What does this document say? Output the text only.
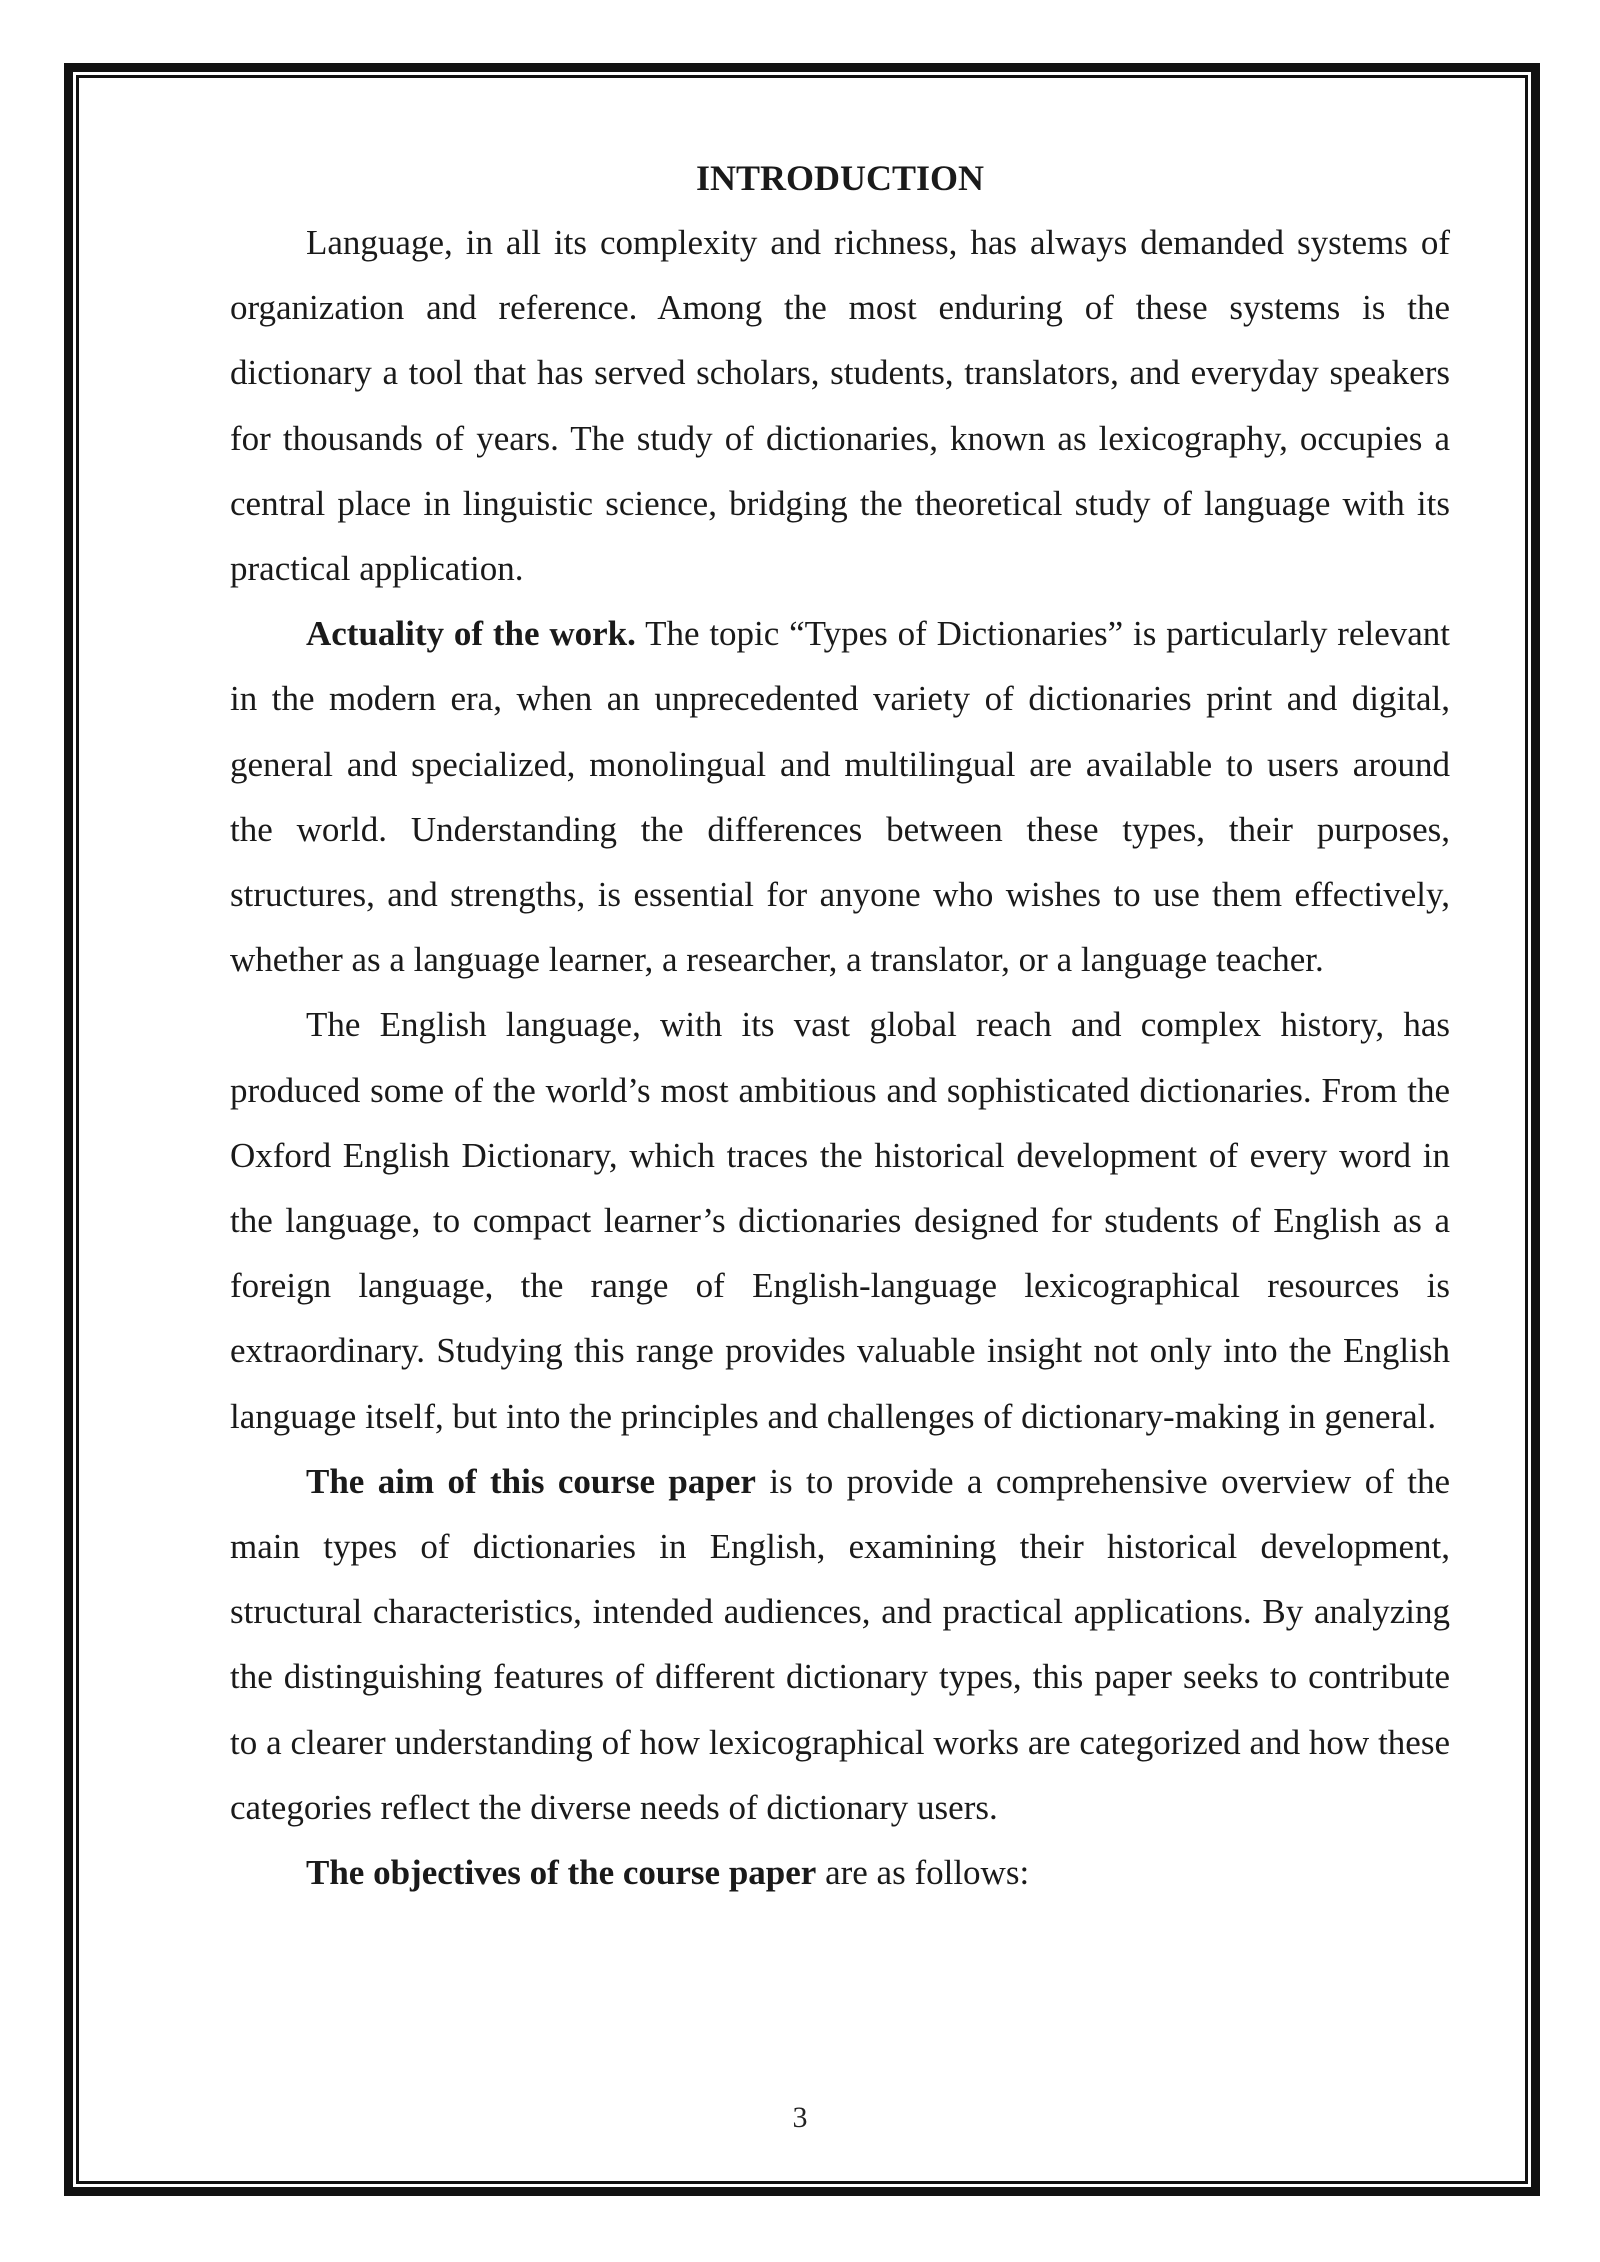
INTRODUCTION

Language, in all its complexity and richness, has always demanded systems of organization and reference. Among the most enduring of these systems is the dictionary a tool that has served scholars, students, translators, and everyday speakers for thousands of years. The study of dictionaries, known as lexicography, occupies a central place in linguistic science, bridging the theoretical study of language with its practical application.

Actuality of the work. The topic “Types of Dictionaries” is particularly relevant in the modern era, when an unprecedented variety of dictionaries print and digital, general and specialized, monolingual and multilingual are available to users around the world. Understanding the differences between these types, their purposes, structures, and strengths, is essential for anyone who wishes to use them effectively, whether as a language learner, a researcher, a translator, or a language teacher.

The English language, with its vast global reach and complex history, has produced some of the world’s most ambitious and sophisticated dictionaries. From the Oxford English Dictionary, which traces the historical development of every word in the language, to compact learner’s dictionaries designed for students of English as a foreign language, the range of English-language lexicographical resources is extraordinary. Studying this range provides valuable insight not only into the English language itself, but into the principles and challenges of dictionary-making in general.

The aim of this course paper is to provide a comprehensive overview of the main types of dictionaries in English, examining their historical development, structural characteristics, intended audiences, and practical applications. By analyzing the distinguishing features of different dictionary types, this paper seeks to contribute to a clearer understanding of how lexicographical works are categorized and how these categories reflect the diverse needs of dictionary users.

The objectives of the course paper are as follows:

3
